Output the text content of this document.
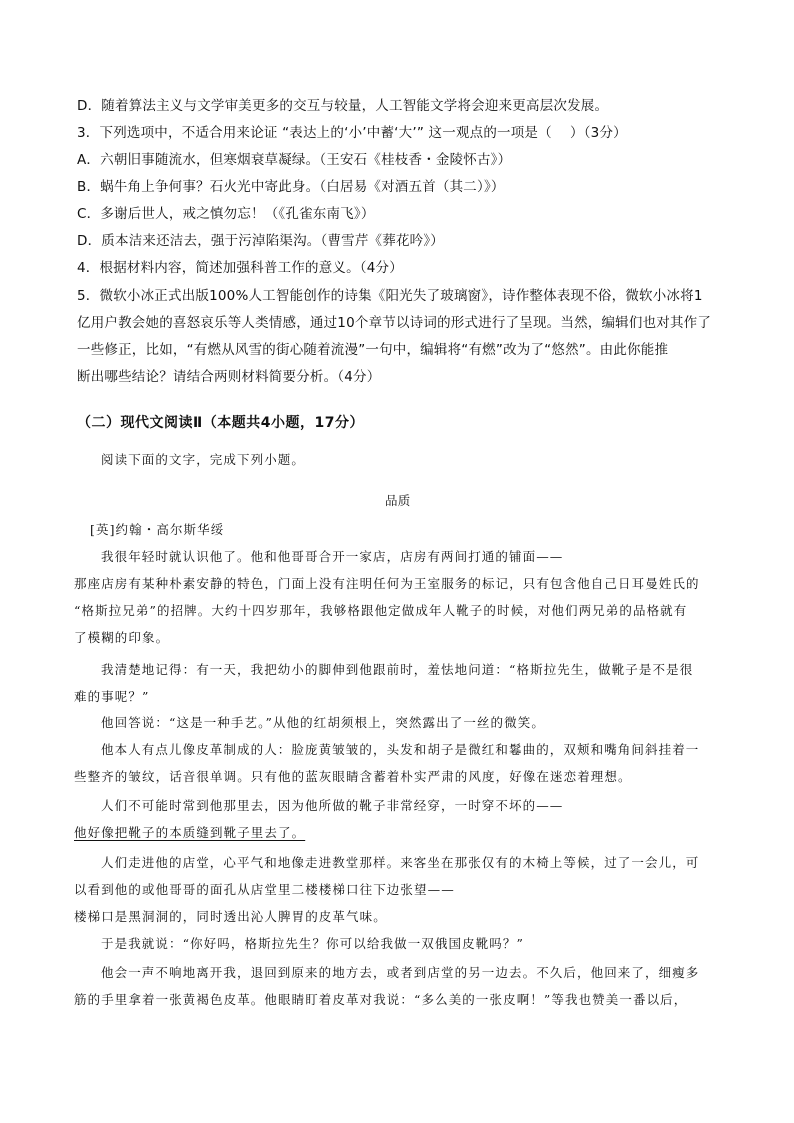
D．随着算法主义与文学审美更多的交互与较量，人工智能文学将会迎来更高层次发展。
3．下列选项中，不适合用来论证 “表达上的‘小’中蓄‘大’” 这一观点的一项是（　 ）（3分）
A．六朝旧事随流水，但寒烟衰草凝绿。（王安石《桂枝香・金陵怀古》）
B．蜗牛角上争何事？石火光中寄此身。（白居易《对酒五首（其二）》）
C．多谢后世人，戒之慎勿忘！（《孔雀东南飞》）
D．质本洁来还洁去，强于污淖陷渠沟。（曹雪芹《葬花吟》）
4．根据材料内容，简述加强科普工作的意义。（4分）
5．微软小冰正式出版100%人工智能创作的诗集《阳光失了玻璃窗》，诗作整体表现不俗，微软小冰将1
亿用户教会她的喜怒哀乐等人类情感，通过10个章节以诗词的形式进行了呈现。当然，编辑们也对其作了
一些修正，比如，“有燃从风雪的街心随着流漫”一句中，编辑将“有燃”改为了“悠然”。由此你能推
断出哪些结论？请结合两则材料简要分析。（4分）
（二）现代文阅读Ⅱ（本题共4小题，17分）
阅读下面的文字，完成下列小题。
品质
[英]约翰・高尔斯华绥
我很年轻时就认识他了。他和他哥哥合开一家店，店房有两间打通的铺面——
那座店房有某种朴素安静的特色，门面上没有注明任何为王室服务的标记，只有包含他自己日耳曼姓氏的
“格斯拉兄弟”的招牌。大约十四岁那年，我够格跟他定做成年人靴子的时候，对他们两兄弟的品格就有
了模糊的印象。
我清楚地记得：有一天，我把幼小的脚伸到他跟前时，羞怯地问道：“格斯拉先生，做靴子是不是很
难的事呢？”
他回答说：“这是一种手艺。”从他的红胡须根上，突然露出了一丝的微笑。
他本人有点儿像皮革制成的人：脸庞黄皱皱的，头发和胡子是微红和鬈曲的，双颊和嘴角间斜挂着一
些整齐的皱纹，话音很单调。只有他的蓝灰眼睛含蓄着朴实严肃的风度，好像在迷恋着理想。
人们不可能时常到他那里去，因为他所做的靴子非常经穿，一时穿不坏的——
他好像把靴子的本质缝到靴子里去了。
人们走进他的店堂，心平气和地像走进教堂那样。来客坐在那张仅有的木椅上等候，过了一会儿，可
以看到他的或他哥哥的面孔从店堂里二楼楼梯口往下边张望——
楼梯口是黑洞洞的，同时透出沁人脾胃的皮革气味。
于是我就说：“你好吗，格斯拉先生？你可以给我做一双俄国皮靴吗？”
他会一声不响地离开我，退回到原来的地方去，或者到店堂的另一边去。不久后，他回来了，细瘦多
筋的手里拿着一张黄褐色皮革。他眼睛盯着皮革对我说：“多么美的一张皮啊！”等我也赞美一番以后，
